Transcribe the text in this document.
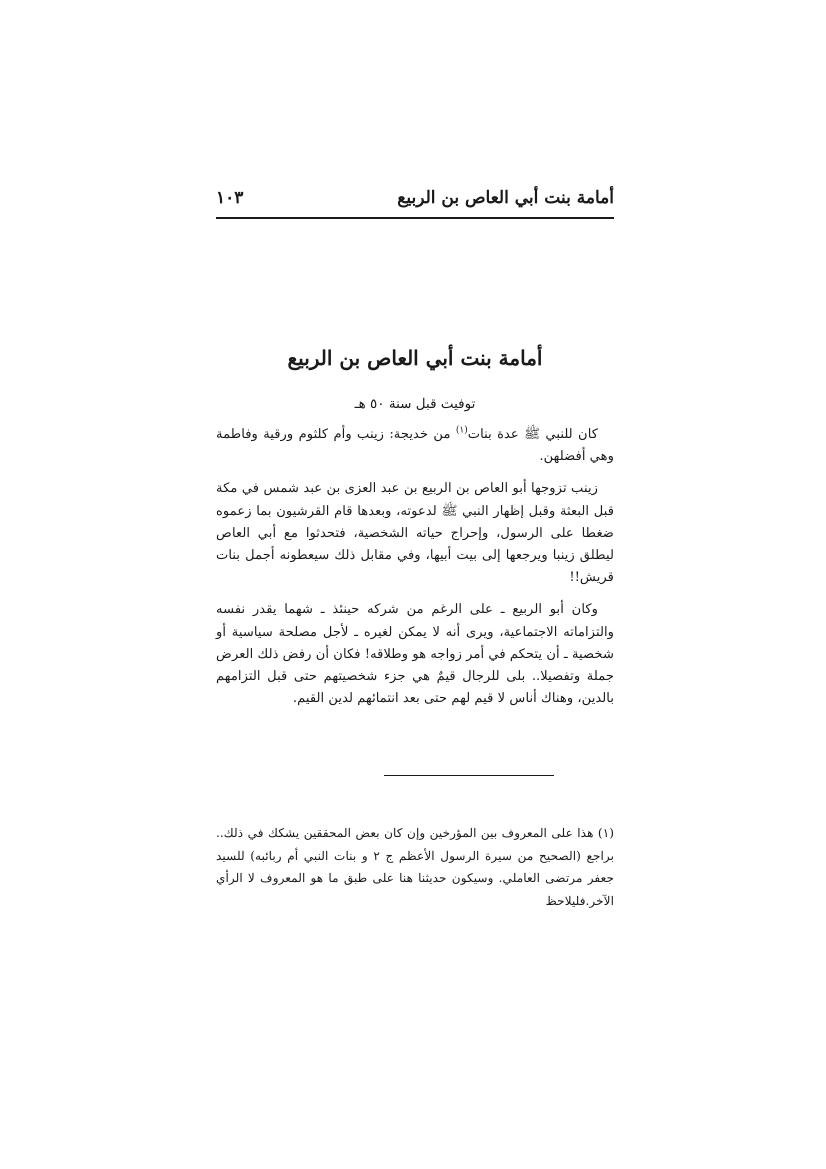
أمامة بنت أبي العاص بن الربيع
١٠٣
أمامة بنت أبي العاص بن الربيع
توفيت قبل سنة ٥٠ هـ

كان للنبي ﷺ عدة بنات$^{(١)}$ من خديجة: زينب وأم كلثوم ورقية وفاطمة وهي أفضلهن.

زينب تزوجها أبو العاص بن الربيع بن عبد العزى بن عبد شمس في مكة قبل البعثة وقبل إظهار النبي ﷺ لدعوته، وبعدها قام القرشيون بما زعموه ضغطا على الرسول، وإحراج حياته الشخصية، فتحدثوا مع أبي العاص ليطلق زينبا ويرجعها إلى بيت أبيها، وفي مقابل ذلك سيعطونه أجمل بنات قريش!!

وكان أبو الربيع ـ على الرغم من شركه حينئذ ـ شهما يقدر نفسه والتزاماته الاجتماعية، ويرى أنه لا يمكن لغيره ـ لأجل مصلحة سياسية أو شخصية ـ أن يتحكم في أمر زواجه هو وطلاقه! فكان أن رفض ذلك العرض جملة وتفصيلا.. بلى للرجال قيمٌ هي جزء شخصيتهم حتى قبل التزامهم بالدين، وهناك أناس لا قيم لهم حتى بعد انتمائهم لدين القيم.

(١) هذا على المعروف بين المؤرخين وإن كان بعض المحققين يشكك في ذلك.. براجع (الصحيح من سيرة الرسول الأعظم ج ٢ و بنات النبي أم ربائبه) للسيد جعفر مرتضى العاملي. وسيكون حديثنا هنا على طبق ما هو المعروف لا الرأي الآخر.فليلاحظ
